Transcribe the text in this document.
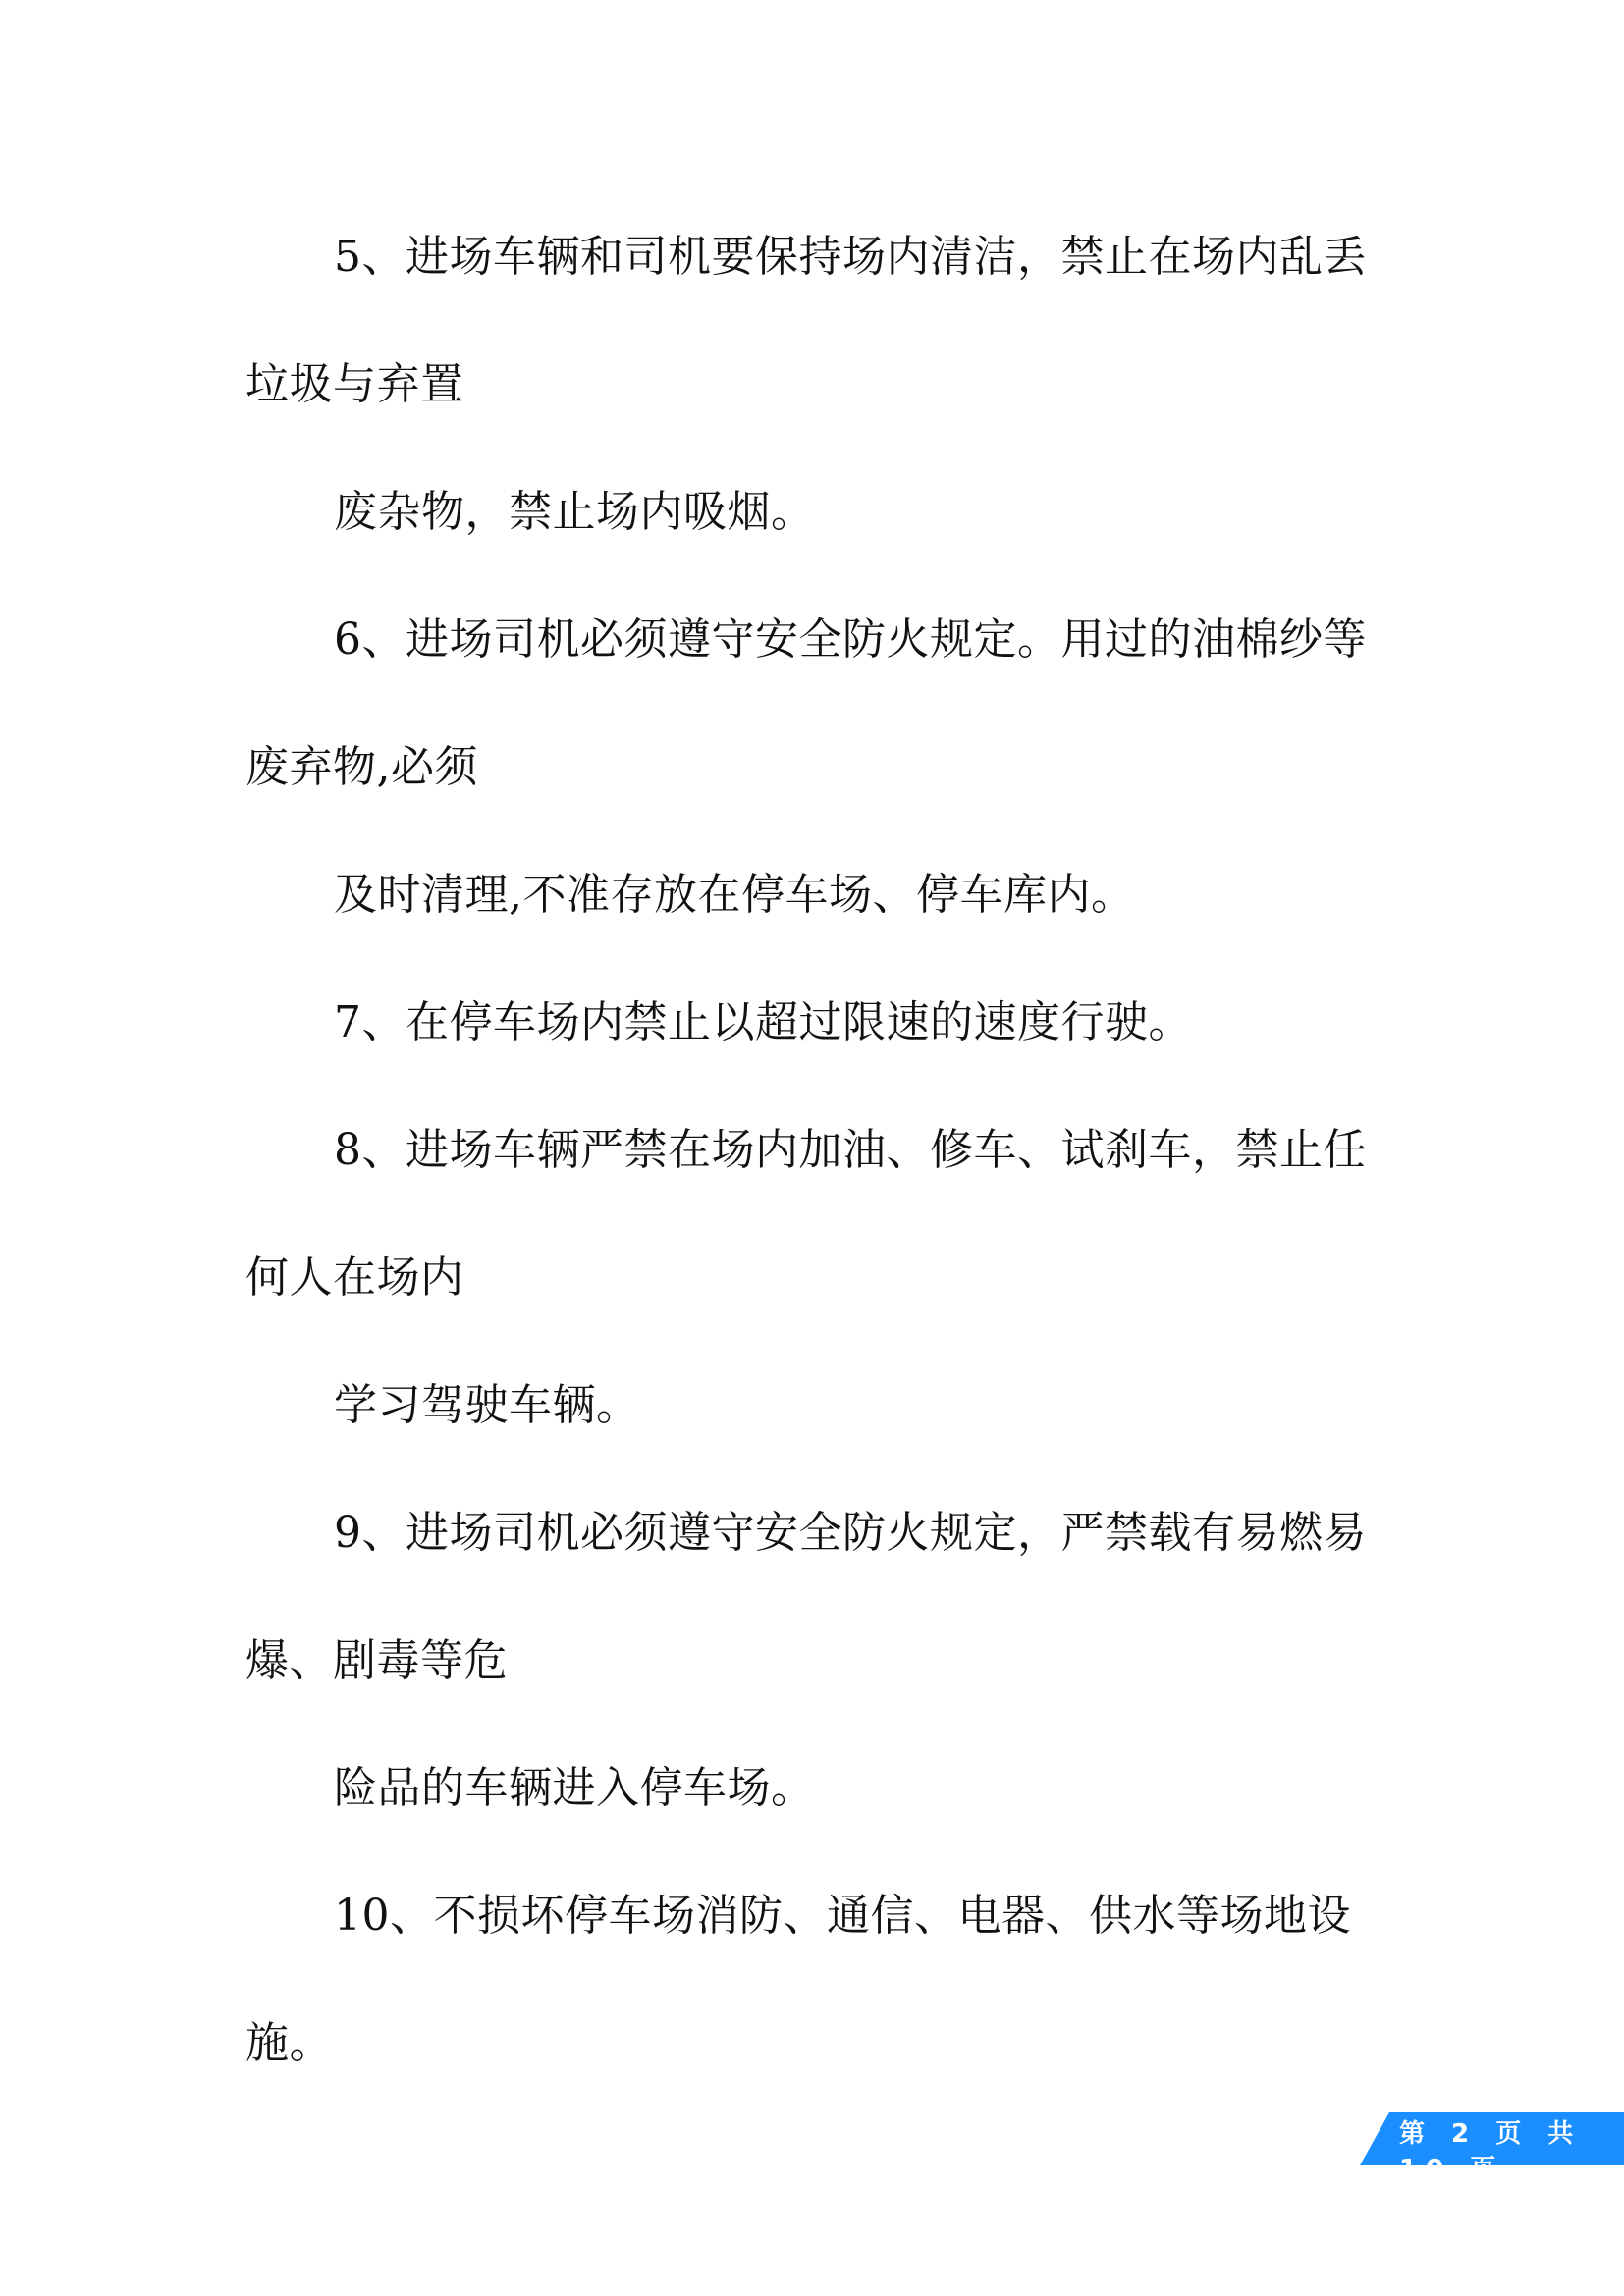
5、进场车辆和司机要保持场内清洁，禁止在场内乱丢
垃圾与弃置
废杂物，禁止场内吸烟。
6、进场司机必须遵守安全防火规定。用过的油棉纱等
废弃物,必须
及时清理,不准存放在停车场、停车库内。
7、在停车场内禁止以超过限速的速度行驶。
8、进场车辆严禁在场内加油、修车、试刹车，禁止任
何人在场内
学习驾驶车辆。
9、进场司机必须遵守安全防火规定，严禁载有易燃易
爆、剧毒等危
险品的车辆进入停车场。
10、不损坏停车场消防、通信、电器、供水等场地设
施。
第 2 页 共 10 页
